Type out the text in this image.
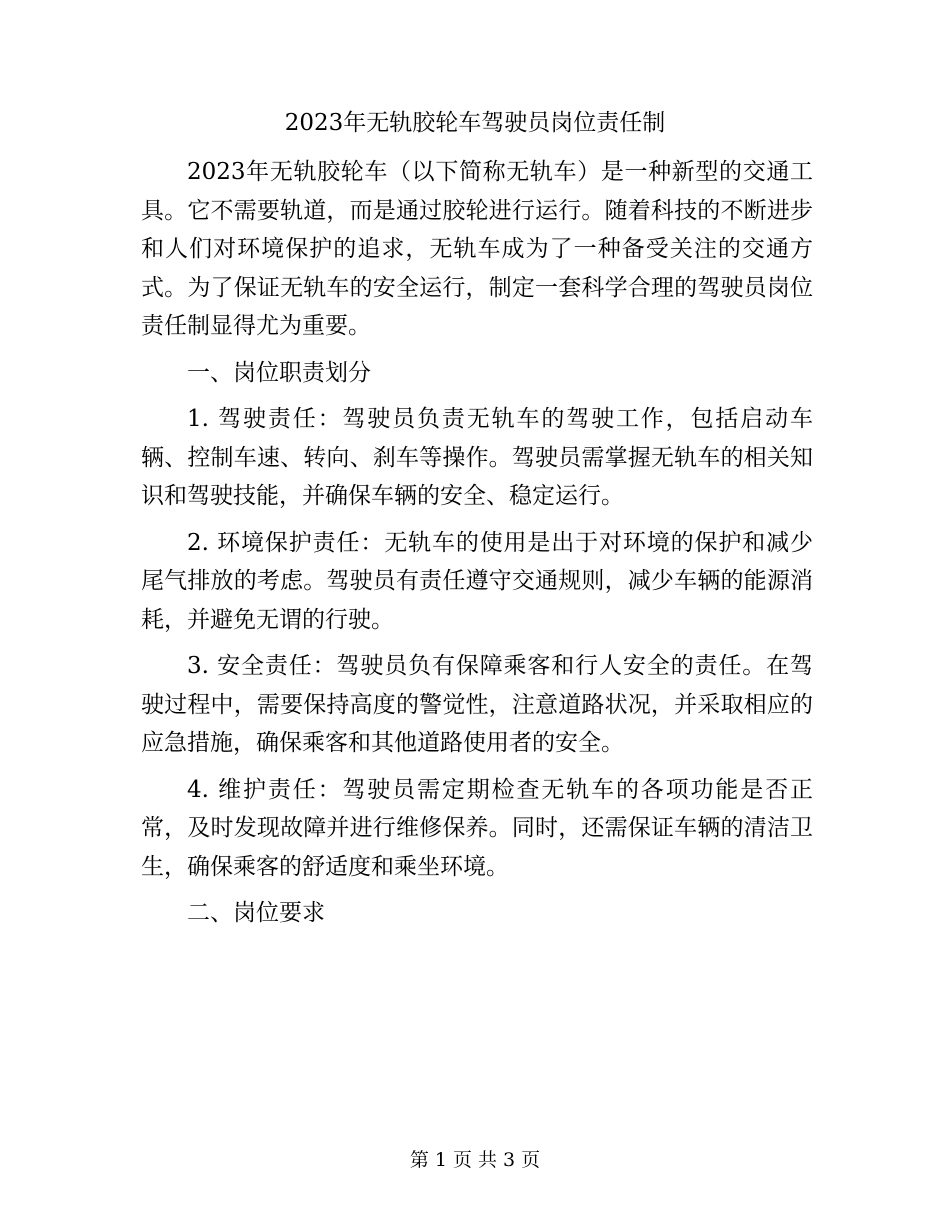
2023年无轨胶轮车驾驶员岗位责任制

2023年无轨胶轮车（以下简称无轨车）是一种新型的交通工具。它不需要轨道，而是通过胶轮进行运行。随着科技的不断进步和人们对环境保护的追求，无轨车成为了一种备受关注的交通方式。为了保证无轨车的安全运行，制定一套科学合理的驾驶员岗位责任制显得尤为重要。

一、岗位职责划分

1. 驾驶责任：驾驶员负责无轨车的驾驶工作，包括启动车辆、控制车速、转向、刹车等操作。驾驶员需掌握无轨车的相关知识和驾驶技能，并确保车辆的安全、稳定运行。

2. 环境保护责任：无轨车的使用是出于对环境的保护和减少尾气排放的考虑。驾驶员有责任遵守交通规则，减少车辆的能源消耗，并避免无谓的行驶。

3. 安全责任：驾驶员负有保障乘客和行人安全的责任。在驾驶过程中，需要保持高度的警觉性，注意道路状况，并采取相应的应急措施，确保乘客和其他道路使用者的安全。

4. 维护责任：驾驶员需定期检查无轨车的各项功能是否正常，及时发现故障并进行维修保养。同时，还需保证车辆的清洁卫生，确保乘客的舒适度和乘坐环境。

二、岗位要求

第 1 页 共 3 页
